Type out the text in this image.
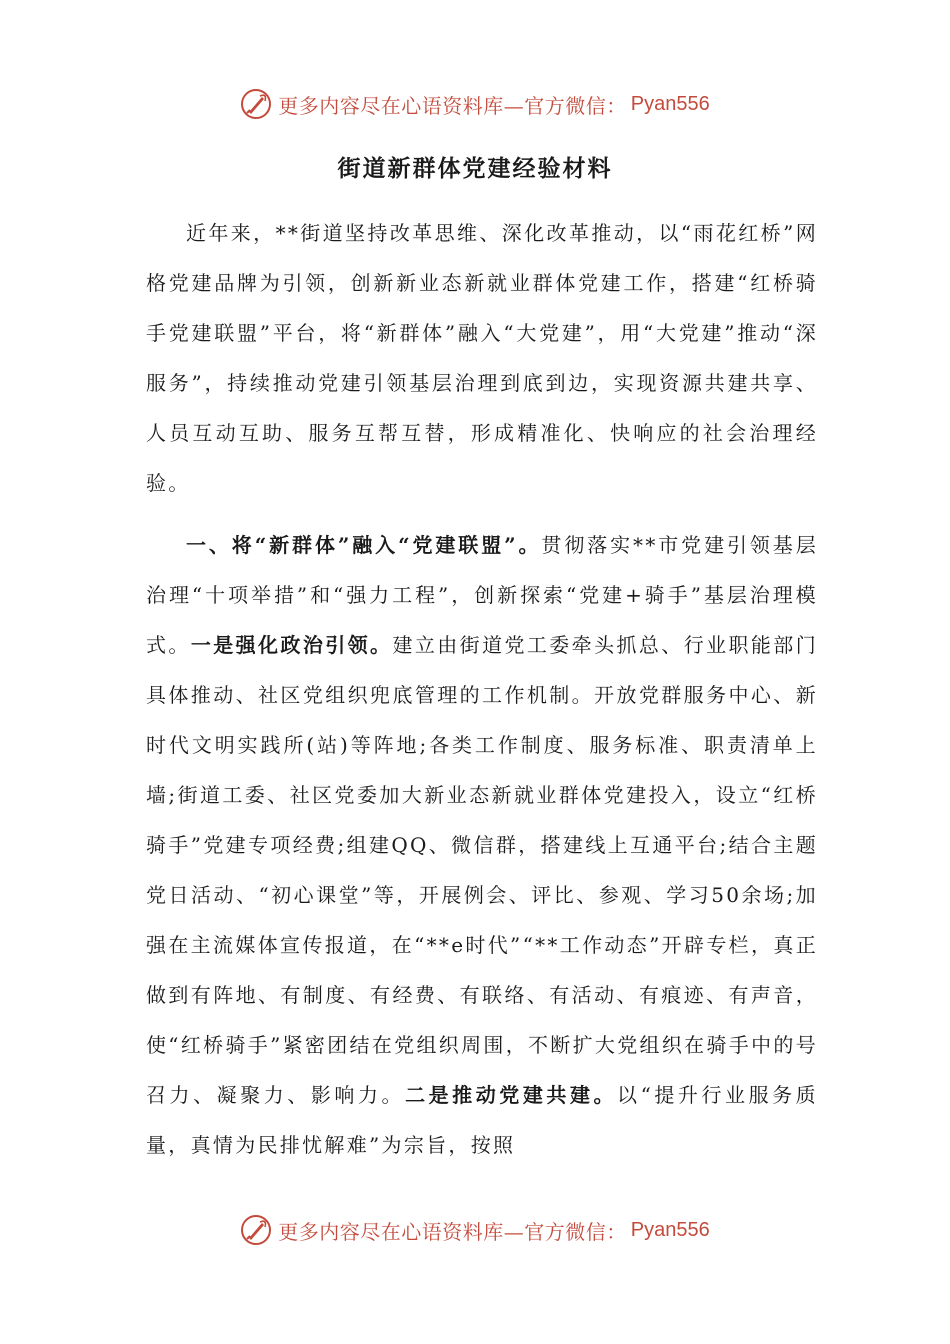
更多内容尽在心语资料库—官方微信： Pyan556
街道新群体党建经验材料

近年来，**街道坚持改革思维、深化改革推动，以“雨花红桥”网格党建品牌为引领，创新新业态新就业群体党建工作，搭建“红桥骑手党建联盟”平台，将“新群体”融入“大党建”，用“大党建”推动“深服务”，持续推动党建引领基层治理到底到边，实现资源共建共享、人员互动互助、服务互帮互替，形成精准化、快响应的社会治理经验。

一、将“新群体”融入“党建联盟”。贯彻落实**市党建引领基层治理“十项举措”和“强力工程”，创新探索“党建+骑手”基层治理模式。一是强化政治引领。建立由街道党工委牵头抓总、行业职能部门具体推动、社区党组织兜底管理的工作机制。开放党群服务中心、新时代文明实践所(站)等阵地;各类工作制度、服务标准、职责清单上墙;街道工委、社区党委加大新业态新就业群体党建投入，设立“红桥骑手”党建专项经费;组建QQ、微信群，搭建线上互通平台;结合主题党日活动、“初心课堂”等，开展例会、评比、参观、学习50余场;加强在主流媒体宣传报道，在“**e时代”“**工作动态”开辟专栏，真正做到有阵地、有制度、有经费、有联络、有活动、有痕迹、有声音，使“红桥骑手”紧密团结在党组织周围，不断扩大党组织在骑手中的号召力、凝聚力、影响力。二是推动党建共建。以“提升行业服务质量，真情为民排忧解难”为宗旨，按照

更多内容尽在心语资料库—官方微信： Pyan556
